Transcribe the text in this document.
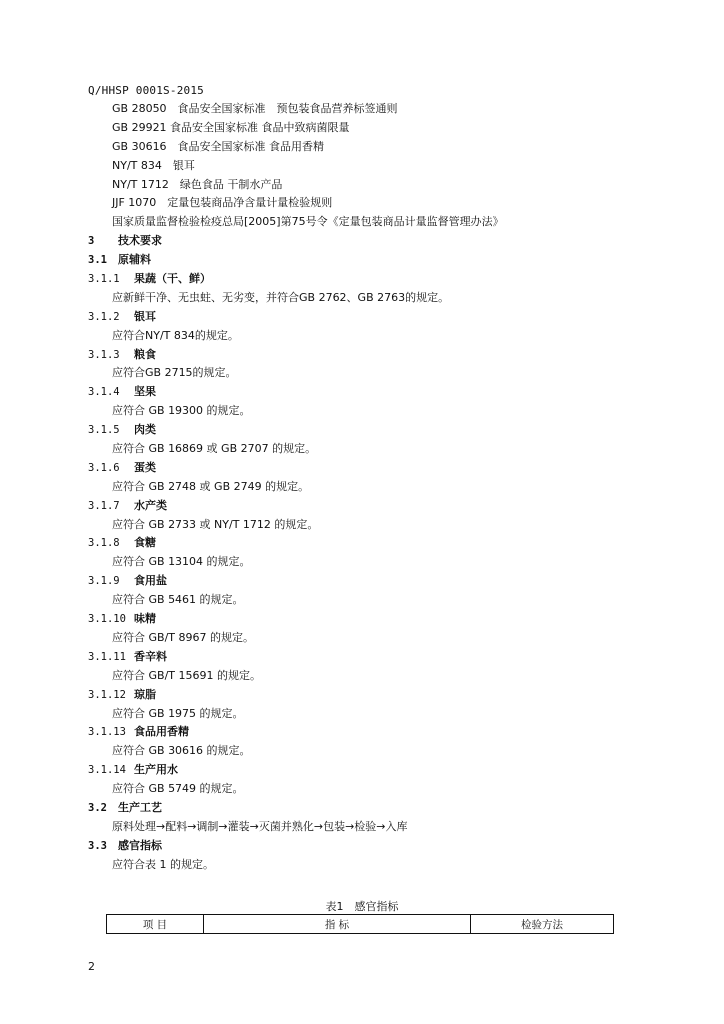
Q/HHSP 0001S-2015
GB 28050　食品安全国家标准　预包装食品营养标签通则
GB 29921 食品安全国家标准 食品中致病菌限量
GB 30616　食品安全国家标准 食品用香精
NY/T 834　银耳
NY/T 1712　绿色食品 干制水产品
JJF 1070　定量包装商品净含量计量检验规则
国家质量监督检验检疫总局[2005]第75号令《定量包装商品计量监督管理办法》
3 技术要求
3.1 原辅料
3.1.1 果蔬（干、鲜）
应新鲜干净、无虫蛀、无劣变，并符合GB 2762、GB 2763的规定。
3.1.2 银耳
应符合NY/T 834的规定。
3.1.3 粮食
应符合GB 2715的规定。
3.1.4 坚果
应符合 GB 19300 的规定。
3.1.5 肉类
应符合 GB 16869 或 GB 2707 的规定。
3.1.6 蛋类
应符合 GB 2748 或 GB 2749 的规定。
3.1.7 水产类
应符合 GB 2733 或 NY/T 1712 的规定。
3.1.8 食糖
应符合 GB 13104 的规定。
3.1.9 食用盐
应符合 GB 5461 的规定。
3.1.10 味精
应符合 GB/T 8967 的规定。
3.1.11 香辛料
应符合 GB/T 15691 的规定。
3.1.12 琼脂
应符合 GB 1975 的规定。
3.1.13 食品用香精
应符合 GB 30616 的规定。
3.1.14 生产用水
应符合 GB 5749 的规定。
3.2 生产工艺
原料处理→配料→调制→灌装→灭菌并熟化→包装→检验→入库
3.3 感官指标
应符合表 1 的规定。
表1　感官指标
项 目	指 标	检验方法
2
